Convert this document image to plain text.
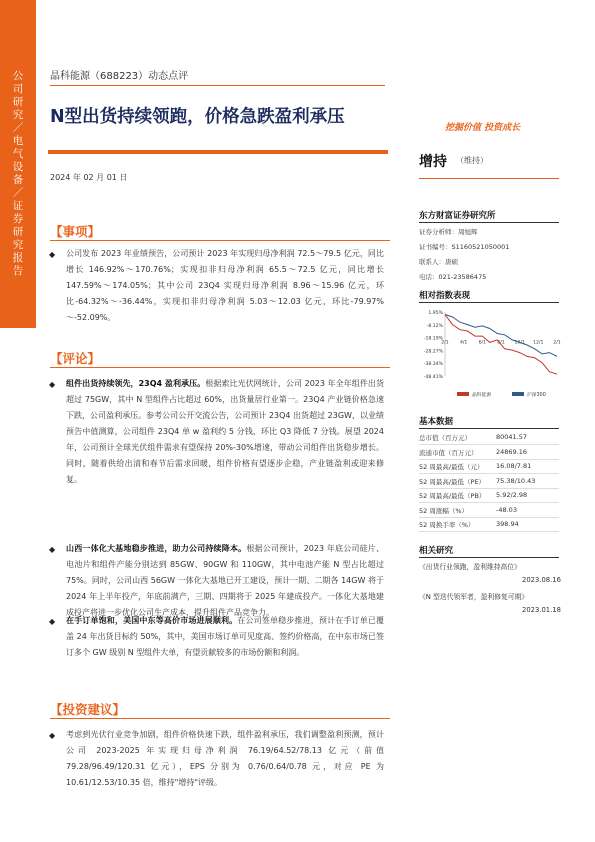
公司研究／电气设备／证券研究报告
晶科能源（688223）动态点评
N型出货持续领跑，价格急跌盈利承压
挖掘价值 投资成长
2024 年 02 月 01 日
增持 （维持）
【事项】
◆ 公司发布 2023 年业绩预告，公司预计 2023 年实现归母净利润 72.5～79.5 亿元，同比增长 146.92%～170.76%；实现扣非归母净利润 65.5～72.5 亿元，同比增长 147.59%～174.05%；其中公司 23Q4 实现归母净利润 8.96～15.96 亿元，环比-64.32%～-36.44%，实现扣非归母净利润 5.03～12.03 亿元，环比-79.97%～-52.09%。
【评论】
◆ 组件出货持续领先，23Q4 盈利承压。根据索比光伏网统计，公司 2023 年全年组件出货超过 75GW，其中 N 型组件占比超过 60%，出货量居行业第一。23Q4 产业链价格急速下跌，公司盈利承压。参考公司公开交流公告，公司预计 23Q4 出货超过 23GW，以业绩预告中值测算，公司组件 23Q4 单 w 盈利约 5 分钱，环比 Q3 降低 7 分钱。展望 2024 年，公司预计全球光伏组件需求有望保持 20%-30%增速，带动公司组件出货稳步增长。同时，随着供给出清和春节后需求回暖，组件价格有望逐步企稳，产业链盈利或迎来修复。
◆ 山西一体化大基地稳步推进，助力公司持续降本。根据公司预计，2023 年底公司硅片、电池片和组件产能分别达到 85GW、90GW 和 110GW，其中电池产能 N 型占比超过 75%。同时，公司山西 56GW 一体化大基地已开工建设，预计一期、二期各 14GW 将于 2024 年上半年投产，年底前满产，三期、四期将于 2025 年建成投产。一体化大基地建成投产将进一步优化公司生产成本，提升组件产品竞争力。
◆ 在手订单饱和，美国中东等高价市场进展顺利。在公司签单稳步推进，预计在手订单已覆盖 24 年出货目标约 50%，其中，美国市场订单可见度高、签约价格高，在中东市场已签订多个 GW 级别 N 型组件大单，有望贡献较多的市场份额和利润。
【投资建议】
◆ 考虑到光伏行业竞争加剧，组件价格快速下跌，组件盈利承压，我们调整盈利预测，预计公司 2023-2025 年实现归母净利润 76.19/64.52/78.13 亿元（前值 79.28/96.49/120.31 亿元），EPS 分别为 0.76/0.64/0.78 元，对应 PE 为 10.61/12.53/10.35 倍，维持"增持"评级。
东方财富证券研究所
证券分析师：周旭辉
证书编号：S1160521050001
联系人：唐硕
电话：021-23586475
相对指数表现
1.95%
-8.12%
-18.19%
-28.27%
-38.34%
-48.41%
2/1 4/1 6/1 8/1 10/1 12/1 2/1
晶科能源	沪深300
基本数据
总市值（百万元）	80041.57
流通市值（百万元）	24869.16
52 周最高/最低（元） 16.08/7.81
52 周最高/最低（PE） 75.38/10.43
52 周最高/最低（PB） 5.92/2.98
52 周涨幅（%）	-48.03
52 周换手率（%）	398.94
相关研究
《出货行业领跑，盈利维持高位》
2023.08.16
《N 型迭代领军者，盈利修复可期》
2023.01.18
